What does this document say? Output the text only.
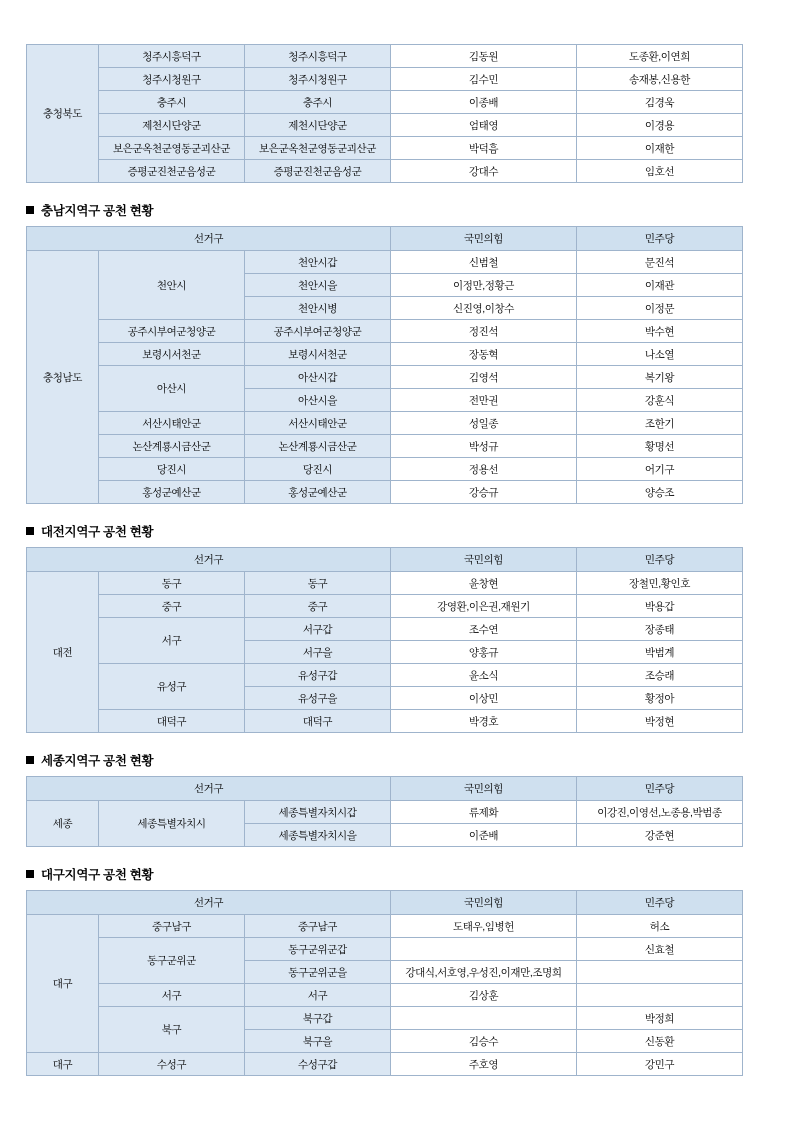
충청북도	청주시흥덕구	청주시흥덕구	김동원	도종환,이연희
	청주시청원구	청주시청원구	김수민	송재봉,신용한
	충주시	충주시	이종배	김경욱
	제천시단양군	제천시단양군	엄태영	이경용
	보은군옥천군영동군괴산군	보은군옥천군영동군괴산군	박덕흠	이재한
	증평군진천군음성군	증평군진천군음성군	강대수	임호선
충남지역구 공천 현황
선거구			국민의힘	민주당
충청남도	천안시	천안시갑	신범철	문진석
		천안시을	이정만,정황근	이재관
		천안시병	신진영,이창수	이정문
	공주시부여군청양군	공주시부여군청양군	정진석	박수현
	보령시서천군	보령시서천군	장동혁	나소열
	아산시	아산시갑	김영석	복기왕
		아산시을	전만권	강훈식
	서산시태안군	서산시태안군	성일종	조한기
	논산계룡시금산군	논산계룡시금산군	박성규	황명선
	당진시	당진시	정용선	어기구
	홍성군예산군	홍성군예산군	강승규	양승조
대전지역구 공천 현황
선거구			국민의힘	민주당
대전	동구	동구	윤창현	장철민,황인호
	중구	중구	강영환,이은권,재원기	박용갑
	서구	서구갑	조수연	장종태
		서구을	양홍규	박범계
	유성구	유성구갑	윤소식	조승래
		유성구을	이상민	황정아
	대덕구	대덕구	박경호	박정현
세종지역구 공천 현황
선거구			국민의힘	민주당
세종	세종특별자치시	세종특별자치시갑	류제화	이강진,이영선,노종용,박범종
		세종특별자치시을	이준배	강준현
대구지역구 공천 현황
선거구			국민의힘	민주당
대구	중구남구	중구남구	도태우,임병헌	허소
	동구군위군	동구군위군갑		신효철
		동구군위군을	강대식,서호영,우성진,이재만,조명희	
	서구	서구	김상훈	
	북구	북구갑		박정희
		북구을	김승수	신동환
대구	수성구	수성구갑	주호영	강민구
